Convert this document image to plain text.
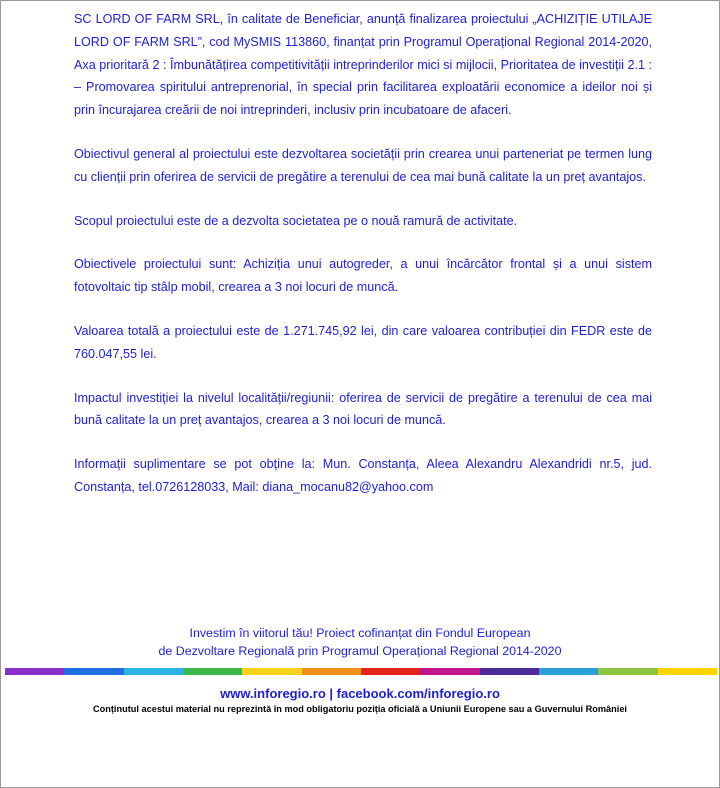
SC LORD OF FARM SRL, în calitate de Beneficiar, anunță finalizarea proiectului „ACHIZIȚIE UTILAJE LORD OF FARM SRL”, cod MySMIS 113860, finanțat prin Programul Operațional Regional 2014-2020, Axa prioritară 2 : Îmbunătățirea competitivității intreprinderilor mici si mijlocii, Prioritatea de investiții 2.1 : – Promovarea spiritului antreprenorial, în special prin facilitarea exploatării economice a ideilor noi și prin încurajarea creării de noi intreprinderi, inclusiv prin incubatoare de afaceri.

Obiectivul general al proiectului este dezvoltarea societății prin crearea unui parteneriat pe termen lung cu clienții prin oferirea de servicii de pregătire a terenului de cea mai bună calitate la un preț avantajos.

Scopul proiectului este de a dezvolta societatea pe o nouă ramură de activitate.

Obiectivele proiectului sunt: Achiziția unui autogreder, a unui încărcător frontal și a unui sistem fotovoltaic tip stâlp mobil, crearea a 3 noi locuri de muncă.

Valoarea totală a proiectului este de 1.271.745,92 lei, din care valoarea contribuției din FEDR este de 760.047,55 lei.

Impactul investiției la nivelul localității/regiunii: oferirea de servicii de pregătire a terenului de cea mai bună calitate la un preț avantajos, crearea a 3 noi locuri de muncă.

Informații suplimentare se pot obține la: Mun. Constanța, Aleea Alexandru Alexandridi nr.5, jud. Constanța, tel.0726128033, Mail: diana_mocanu82@yahoo.com

Investim în viitorul tău! Proiect cofinanțat din Fondul European
de Dezvoltare Regională prin Programul Operațional Regional 2014-2020
www.inforegio.ro | facebook.com/inforegio.ro
Conținutul acestui material nu reprezintă în mod obligatoriu poziția oficială a Uniunii Europene sau a Guvernului României
